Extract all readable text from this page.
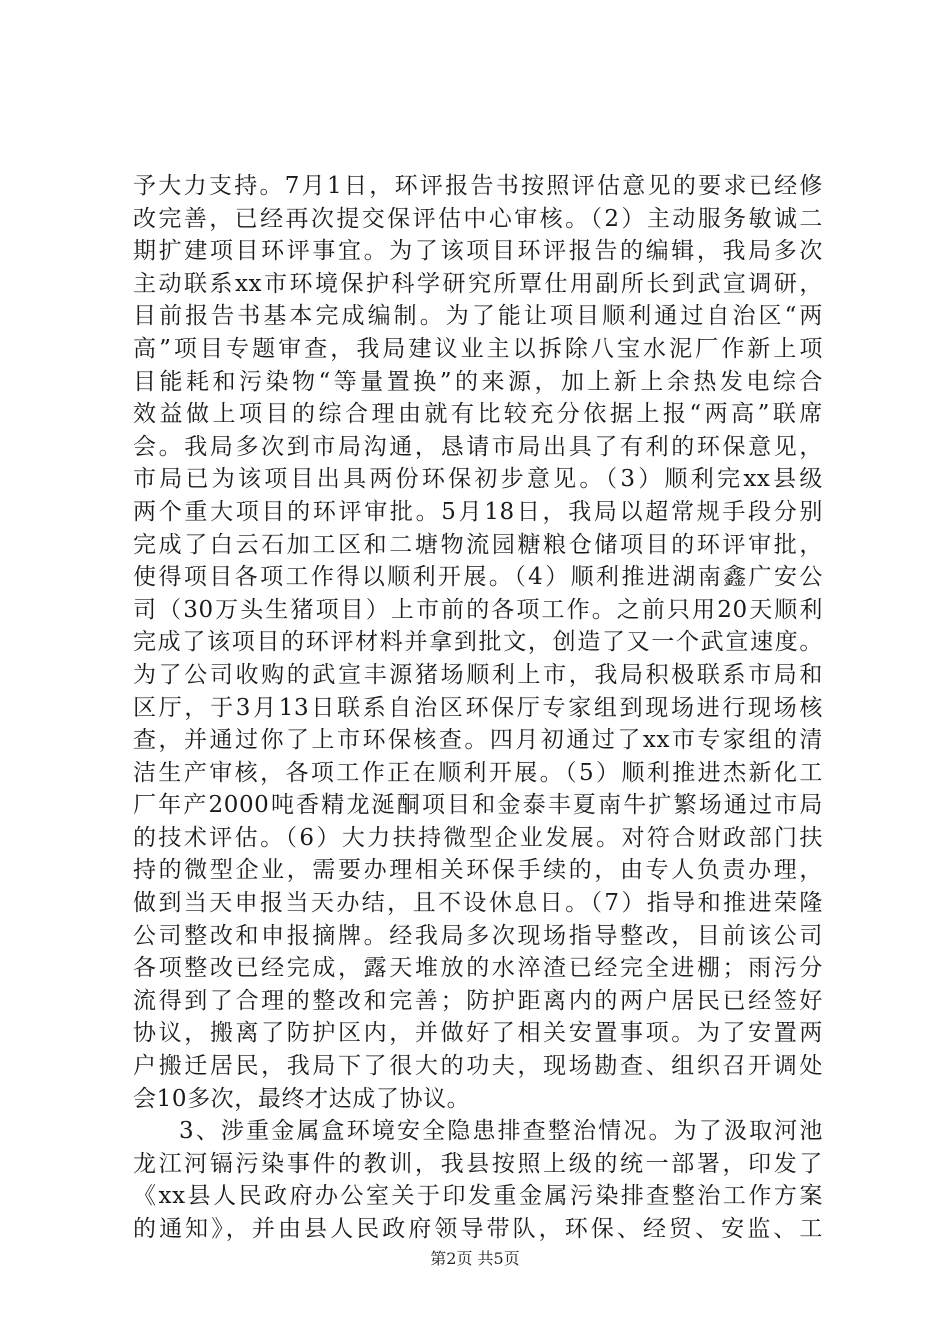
予大力支持。7月1日，环评报告书按照评估意见的要求已经修
改完善，已经再次提交保评估中心审核。（2）主动服务敏诚二
期扩建项目环评事宜。为了该项目环评报告的编辑，我局多次
主动联系xx市环境保护科学研究所覃仕用副所长到武宣调研，
目前报告书基本完成编制。为了能让项目顺利通过自治区“两
高”项目专题审查，我局建议业主以拆除八宝水泥厂作新上项
目能耗和污染物“等量置换”的来源，加上新上余热发电综合
效益做上项目的综合理由就有比较充分依据上报“两高”联席
会。我局多次到市局沟通，恳请市局出具了有利的环保意见，
市局已为该项目出具两份环保初步意见。（3）顺利完xx县级
两个重大项目的环评审批。5月18日，我局以超常规手段分别
完成了白云石加工区和二塘物流园糖粮仓储项目的环评审批，
使得项目各项工作得以顺利开展。（4）顺利推进湖南鑫广安公
司（30万头生猪项目）上市前的各项工作。之前只用20天顺利
完成了该项目的环评材料并拿到批文，创造了又一个武宣速度。
为了公司收购的武宣丰源猪场顺利上市，我局积极联系市局和
区厅，于3月13日联系自治区环保厅专家组到现场进行现场核
查，并通过你了上市环保核查。四月初通过了xx市专家组的清
洁生产审核，各项工作正在顺利开展。（5）顺利推进杰新化工
厂年产2000吨香精龙涎酮项目和金泰丰夏南牛扩繁场通过市局
的技术评估。（6）大力扶持微型企业发展。对符合财政部门扶
持的微型企业，需要办理相关环保手续的，由专人负责办理，
做到当天申报当天办结，且不设休息日。（7）指导和推进荣隆
公司整改和申报摘牌。经我局多次现场指导整改，目前该公司
各项整改已经完成，露天堆放的水淬渣已经完全进棚；雨污分
流得到了合理的整改和完善；防护距离内的两户居民已经签好
协议，搬离了防护区内，并做好了相关安置事项。为了安置两
户搬迁居民，我局下了很大的功夫，现场勘查、组织召开调处
会10多次，最终才达成了协议。
3、涉重金属盒环境安全隐患排查整治情况。为了汲取河池
龙江河镉污染事件的教训，我县按照上级的统一部署，印发了
《xx县人民政府办公室关于印发重金属污染排查整治工作方案
的通知》，并由县人民政府领导带队，环保、经贸、安监、工
第2页 共5页
